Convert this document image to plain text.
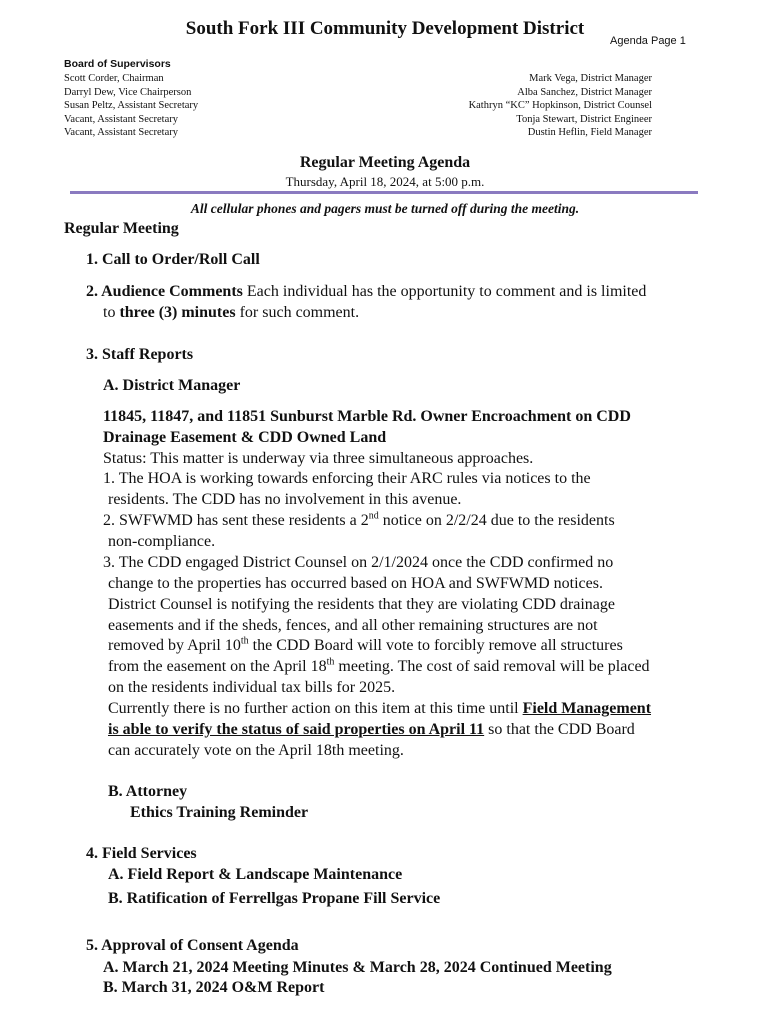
South Fork III Community Development District
Agenda Page 1
Board of Supervisors
Scott Corder, Chairman
Darryl Dew, Vice Chairperson
Susan Peltz, Assistant Secretary
Vacant, Assistant Secretary
Vacant, Assistant Secretary
Mark Vega, District Manager
Alba Sanchez, District Manager
Kathryn “KC” Hopkinson, District Counsel
Tonja Stewart, District Engineer
Dustin Heflin, Field Manager
Regular Meeting Agenda
Thursday, April 18, 2024, at 5:00 p.m.
All cellular phones and pagers must be turned off during the meeting.
Regular Meeting
1. Call to Order/Roll Call
2. Audience Comments Each individual has the opportunity to comment and is limited
to three (3) minutes for such comment.
3. Staff Reports
A. District Manager
11845, 11847, and 11851 Sunburst Marble Rd. Owner Encroachment on CDD
Drainage Easement & CDD Owned Land
Status: This matter is underway via three simultaneous approaches.
1. The HOA is working towards enforcing their ARC rules via notices to the
residents. The CDD has no involvement in this avenue.
2. SWFWMD has sent these residents a 2nd notice on 2/2/24 due to the residents
non-compliance.
3. The CDD engaged District Counsel on 2/1/2024 once the CDD confirmed no
change to the properties has occurred based on HOA and SWFWMD notices.
District Counsel is notifying the residents that they are violating CDD drainage
easements and if the sheds, fences, and all other remaining structures are not
removed by April 10th the CDD Board will vote to forcibly remove all structures
from the easement on the April 18th meeting. The cost of said removal will be placed
on the residents individual tax bills for 2025.
Currently there is no further action on this item at this time until Field Management
is able to verify the status of said properties on April 11 so that the CDD Board
can accurately vote on the April 18th meeting.
B. Attorney
Ethics Training Reminder
4. Field Services
A. Field Report & Landscape Maintenance
B. Ratification of Ferrellgas Propane Fill Service
5. Approval of Consent Agenda
A. March 21, 2024 Meeting Minutes & March 28, 2024 Continued Meeting
B. March 31, 2024 O&M Report
